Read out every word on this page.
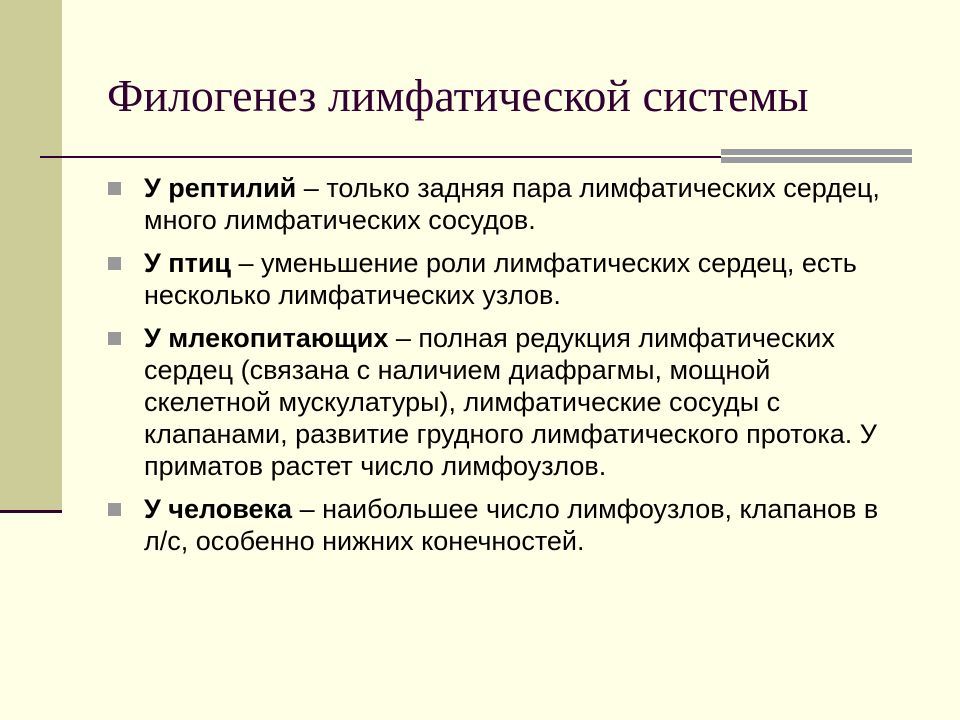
Филогенез лимфатической системы
У рептилий – только задняя пара лимфатических сердец, много лимфатических сосудов.
У птиц – уменьшение роли лимфатических сердец, есть несколько лимфатических узлов.
У млекопитающих – полная редукция лимфатических сердец (связана с наличием диафрагмы, мощной скелетной мускулатуры), лимфатические сосуды с клапанами, развитие грудного лимфатического протока. У приматов растет число лимфоузлов.
У человека – наибольшее число лимфоузлов, клапанов в л/с, особенно нижних конечностей.
